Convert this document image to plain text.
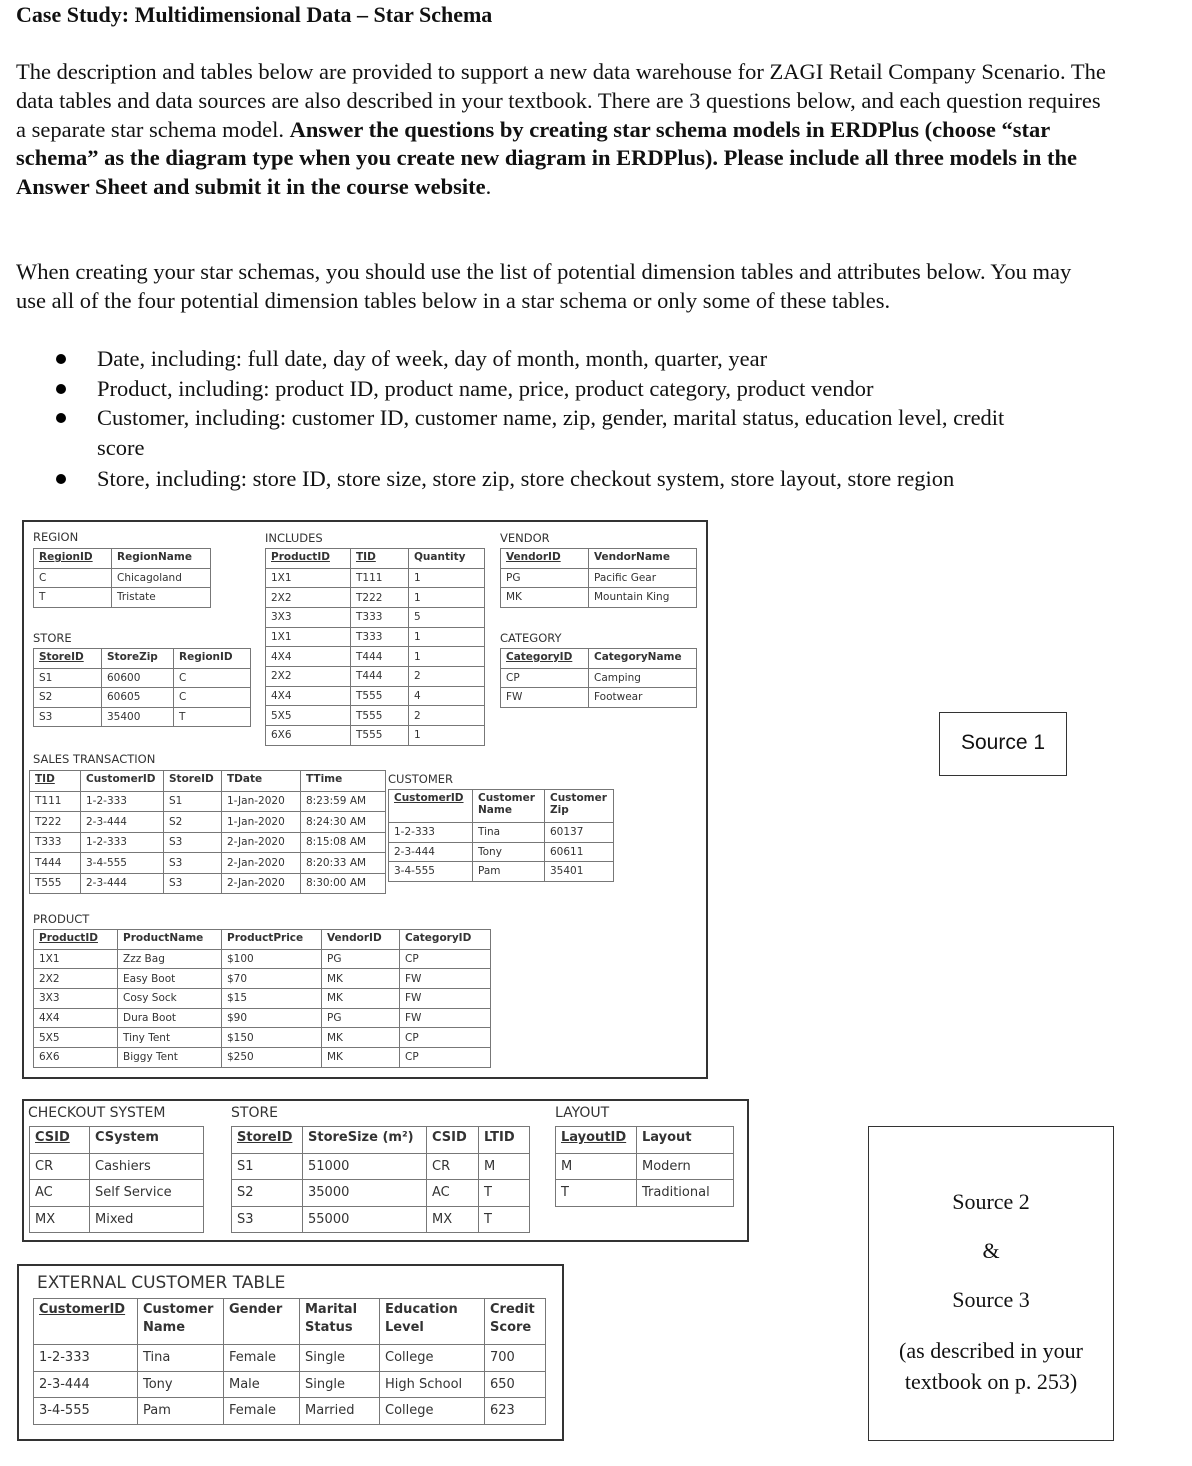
Case Study: Multidimensional Data – Star Schema
The description and tables below are provided to support a new data warehouse for ZAGI Retail Company Scenario. The data tables and data sources are also described in your textbook. There are 3 questions below, and each question requires a separate star schema model. Answer the questions by creating star schema models in ERDPlus (choose “star schema” as the diagram type when you create new diagram in ERDPlus). Please include all three models in the Answer Sheet and submit it in the course website.
When creating your star schemas, you should use the list of potential dimension tables and attributes below. You may use all of the four potential dimension tables below in a star schema or only some of these tables.
Date, including: full date, day of week, day of month, month, quarter, year
Product, including: product ID, product name, price, product category, product vendor
Customer, including: customer ID, customer name, zip, gender, marital status, education level, credit score
Store, including: store ID, store size, store zip, store checkout system, store layout, store region
REGION
RegionID	RegionName
C	Chicagoland
T	Tristate
INCLUDES
ProductID	TID	Quantity
1X1	T111	1
2X2	T222	1
3X3	T333	5
1X1	T333	1
4X4	T444	1
2X2	T444	2
4X4	T555	4
5X5	T555	2
6X6	T555	1
VENDOR
VendorID	VendorName
PG	Pacific Gear
MK	Mountain King
CATEGORY
CategoryID	CategoryName
CP	Camping
FW	Footwear
STORE
StoreID	StoreZip	RegionID
S1	60600	C
S2	60605	C
S3	35400	T
SALES TRANSACTION
TID	CustomerID	StoreID	TDate	TTime
T111	1-2-333	S1	1-Jan-2020	8:23:59 AM
T222	2-3-444	S2	1-Jan-2020	8:24:30 AM
T333	1-2-333	S3	2-Jan-2020	8:15:08 AM
T444	3-4-555	S3	2-Jan-2020	8:20:33 AM
T555	2-3-444	S3	2-Jan-2020	8:30:00 AM
CUSTOMER
CustomerID	Customer Name	Customer Zip
1-2-333	Tina	60137
2-3-444	Tony	60611
3-4-555	Pam	35401
PRODUCT
ProductID	ProductName	ProductPrice	VendorID	CategoryID
1X1	Zzz Bag	$100	PG	CP
2X2	Easy Boot	$70	MK	FW
3X3	Cosy Sock	$15	MK	FW
4X4	Dura Boot	$90	PG	FW
5X5	Tiny Tent	$150	MK	CP
6X6	Biggy Tent	$250	MK	CP
CHECKOUT SYSTEM
CSID	CSystem
CR	Cashiers
AC	Self Service
MX	Mixed
STORE
StoreID	StoreSize (m²)	CSID	LTID
S1	51000	CR	M
S2	35000	AC	T
S3	55000	MX	T
LAYOUT
LayoutID	Layout
M	Modern
T	Traditional
EXTERNAL CUSTOMER TABLE
CustomerID	Customer Name	Gender	Marital Status	Education Level	Credit Score
1-2-333	Tina	Female	Single	College	700
2-3-444	Tony	Male	Single	High School	650
3-4-555	Pam	Female	Married	College	623
Source 1
Source 2
&
Source 3
(as described in your textbook on p. 253)
